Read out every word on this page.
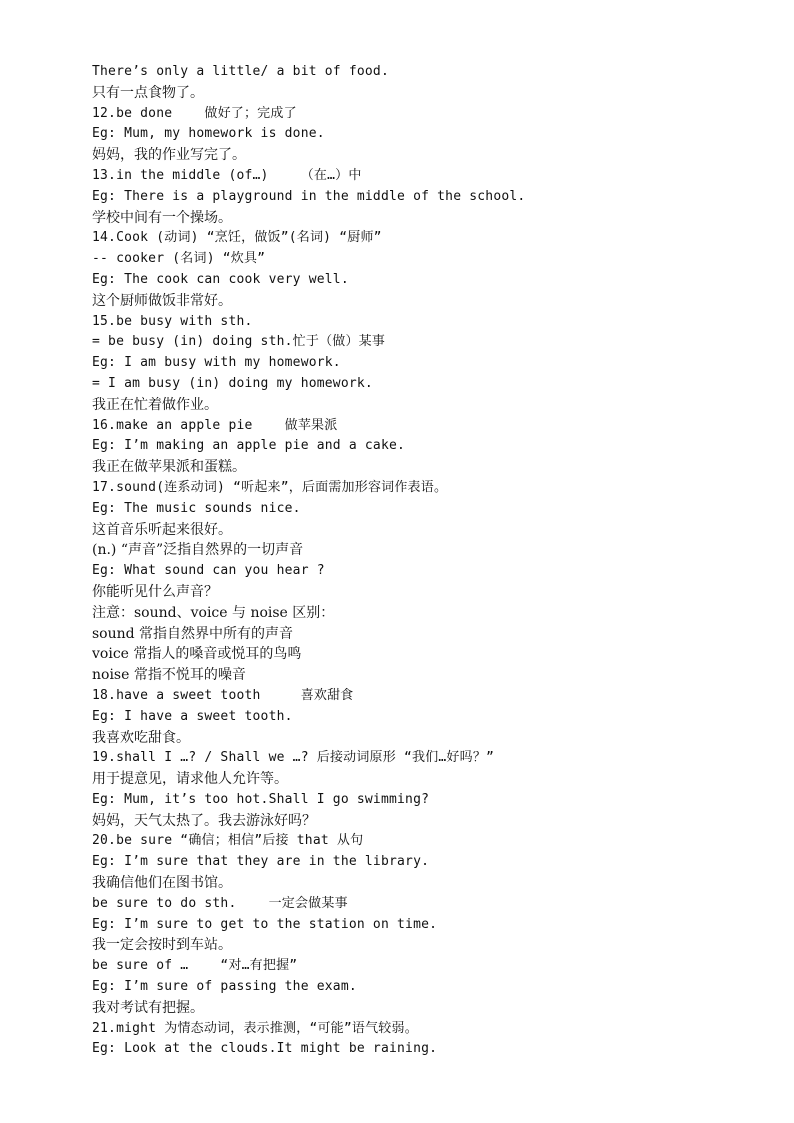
There’s only a little/ a bit of food.
只有一点食物了。
12.be done    做好了；完成了
Eg: Mum, my homework is done.
妈妈，我的作业写完了。
13.in the middle (of…)    （在…）中
Eg: There is a playground in the middle of the school.
学校中间有一个操场。
14.Cook (动词) “烹饪，做饭”(名词) “厨师”
-- cooker (名词) “炊具”
Eg: The cook can cook very well.
这个厨师做饭非常好。
15.be busy with sth.
= be busy (in) doing sth.忙于（做）某事
Eg: I am busy with my homework.
= I am busy (in) doing my homework.
我正在忙着做作业。
16.make an apple pie    做苹果派
Eg: I’m making an apple pie and a cake.
我正在做苹果派和蛋糕。
17.sound(连系动词) “听起来”，后面需加形容词作表语。
Eg: The music sounds nice.
这首音乐听起来很好。
(n.) “声音”泛指自然界的一切声音
Eg: What sound can you hear ?
你能听见什么声音？
注意：sound、voice 与 noise 区别：
sound 常指自然界中所有的声音
voice 常指人的嗓音或悦耳的鸟鸣
noise 常指不悦耳的噪音
18.have a sweet tooth     喜欢甜食
Eg: I have a sweet tooth.
我喜欢吃甜食。
19.shall I …? / Shall we …? 后接动词原形 “我们…好吗？”
用于提意见，请求他人允许等。
Eg: Mum, it’s too hot.Shall I go swimming?
妈妈，天气太热了。我去游泳好吗？
20.be sure “确信；相信”后接 that 从句
Eg: I’m sure that they are in the library.
我确信他们在图书馆。
be sure to do sth.    一定会做某事
Eg: I’m sure to get to the station on time.
我一定会按时到车站。
be sure of …    “对…有把握”
Eg: I’m sure of passing the exam.
我对考试有把握。
21.might 为情态动词，表示推测，“可能”语气较弱。
Eg: Look at the clouds.It might be raining.
